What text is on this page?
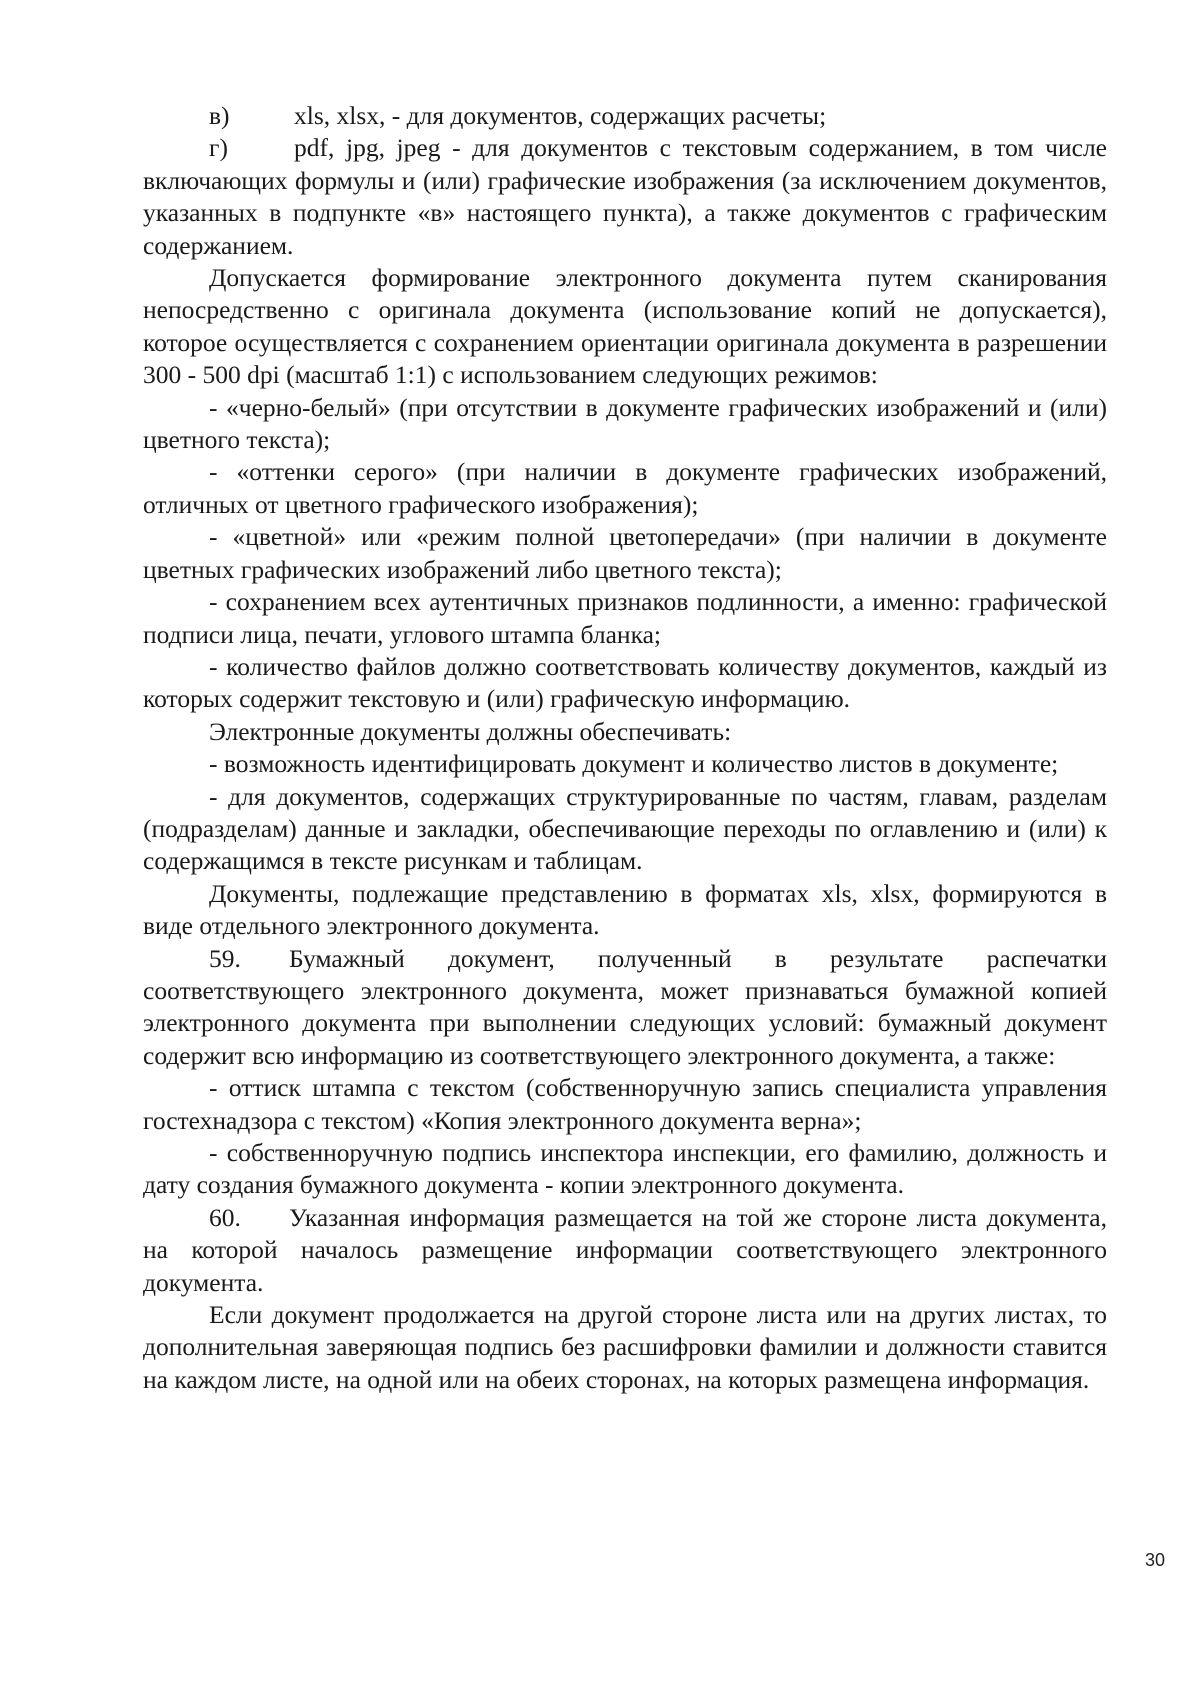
в)	xls, xlsx, - для документов, содержащих расчеты;

г)	pdf, jpg, jpeg - для документов с текстовым содержанием, в том числе включающих формулы и (или) графические изображения (за исключением документов, указанных в подпункте «в» настоящего пункта), а также документов с графическим содержанием.

Допускается формирование электронного документа путем сканирования непосредственно с оригинала документа (использование копий не допускается), которое осуществляется с сохранением ориентации оригинала документа в разрешении 300 - 500 dpi (масштаб 1:1) с использованием следующих режимов:

- «черно-белый» (при отсутствии в документе графических изображений и (или) цветного текста);

- «оттенки серого» (при наличии в документе графических изображений, отличных от цветного графического изображения);

- «цветной» или «режим полной цветопередачи» (при наличии в документе цветных графических изображений либо цветного текста);

- сохранением всех аутентичных признаков подлинности, а именно: графической подписи лица, печати, углового штампа бланка;

- количество файлов должно соответствовать количеству документов, каждый из которых содержит текстовую и (или) графическую информацию.

Электронные документы должны обеспечивать:

- возможность идентифицировать документ и количество листов в документе;

- для документов, содержащих структурированные по частям, главам, разделам (подразделам) данные и закладки, обеспечивающие переходы по оглавлению и (или) к содержащимся в тексте рисункам и таблицам.

Документы, подлежащие представлению в форматах xls, xlsx, формируются в виде отдельного электронного документа.

59. Бумажный документ, полученный в результате распечатки соответствующего электронного документа, может признаваться бумажной копией электронного документа при выполнении следующих условий: бумажный документ содержит всю информацию из соответствующего электронного документа, а также:

- оттиск штампа с текстом (собственноручную запись специалиста управления гостехнадзора с текстом) «Копия электронного документа верна»;

- собственноручную подпись инспектора инспекции, его фамилию, должность и дату создания бумажного документа - копии электронного документа.

60. Указанная информация размещается на той же стороне листа документа, на которой началось размещение информации соответствующего электронного документа.

Если документ продолжается на другой стороне листа или на других листах, то дополнительная заверяющая подпись без расшифровки фамилии и должности ставится на каждом листе, на одной или на обеих сторонах, на которых размещена информация.

30
